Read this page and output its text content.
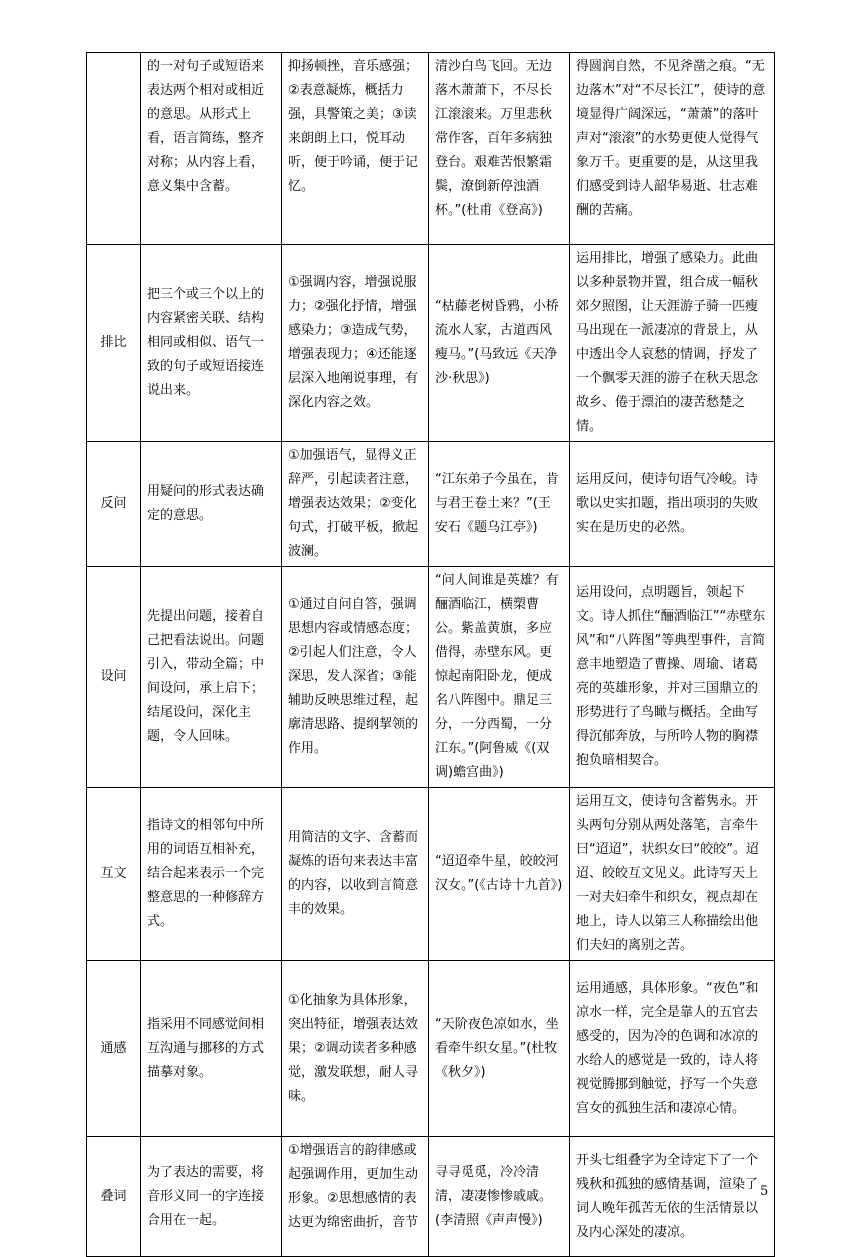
	的一对句子或短语来表达两个相对或相近的意思。从形式上看，语言简练，整齐对称；从内容上看，意义集中含蓄。	抑扬顿挫，音乐感强；②表意凝炼，概括力强，具警策之美；③读来朗朗上口，悦耳动听，便于吟诵，便于记忆。	清沙白鸟飞回。无边落木萧萧下，不尽长江滚滚来。万里悲秋常作客，百年多病独登台。艰难苦恨繁霜鬓，潦倒新停浊酒杯。”(杜甫《登高》)	得圆润自然，不见斧凿之痕。“无边落木”对“不尽长江”，使诗的意境显得广阔深远，“萧萧”的落叶声对“滚滚”的水势更使人觉得气象万千。更重要的是，从这里我们感受到诗人韶华易逝、壮志难酬的苦痛。
排比	把三个或三个以上的内容紧密关联、结构相同或相似、语气一致的句子或短语接连说出来。	①强调内容，增强说服力；②强化抒情，增强感染力；③造成气势，增强表现力；④还能逐层深入地阐说事理，有深化内容之效。	“枯藤老树昏鸦，小桥流水人家，古道西风瘦马。”(马致远《天净沙·秋思》)	运用排比，增强了感染力。此曲以多种景物并置，组合成一幅秋郊夕照图，让天涯游子骑一匹瘦马出现在一派凄凉的背景上，从中透出令人哀愁的情调，抒发了一个飘零天涯的游子在秋天思念故乡、倦于漂泊的凄苦愁楚之情。
反问	用疑问的形式表达确定的意思。	①加强语气，显得义正辞严，引起读者注意，增强表达效果；②变化句式，打破平板，掀起波澜。	“江东弟子今虽在，肯与君王卷土来？”(王安石《题乌江亭》)	运用反问，使诗句语气冷峻。诗歌以史实扣题，指出项羽的失败实在是历史的必然。
设问	先提出问题，接着自己把看法说出。问题引入，带动全篇；中间设问，承上启下；结尾设问，深化主题，令人回味。	①通过自问自答，强调思想内容或情感态度；②引起人们注意，令人深思，发人深省；③能辅助反映思维过程，起廓清思路、提纲挈领的作用。	“问人间谁是英雄？有酾酒临江，横槊曹公。紫盖黄旗，多应借得，赤壁东风。更惊起南阳卧龙，便成名八阵图中。鼎足三分，一分西蜀，一分江东。”(阿鲁威《(双调)蟾宫曲》)	运用设问，点明题旨，领起下文。诗人抓住“酾酒临江”“赤壁东风”和“八阵图”等典型事件，言简意丰地塑造了曹操、周瑜、诸葛亮的英雄形象，并对三国鼎立的形势进行了鸟瞰与概括。全曲写得沉郁奔放，与所吟人物的胸襟抱负暗相契合。
互文	指诗文的相邻句中所用的词语互相补充，结合起来表示一个完整意思的一种修辞方式。	用简洁的文字、含蓄而凝炼的语句来表达丰富的内容，以收到言简意丰的效果。	“迢迢牵牛星，皎皎河汉女。”(《古诗十九首》)	运用互文，使诗句含蓄隽永。开头两句分别从两处落笔，言牵牛曰“迢迢”，状织女曰“皎皎”。迢迢、皎皎互文见义。此诗写天上一对夫妇牵牛和织女，视点却在地上，诗人以第三人称描绘出他们夫妇的离别之苦。
通感	指采用不同感觉间相互沟通与挪移的方式描摹对象。	①化抽象为具体形象，突出特征，增强表达效果；②调动读者多种感觉，激发联想，耐人寻味。	“天阶夜色凉如水，坐看牵牛织女星。”(杜牧《秋夕》)	运用通感，具体形象。“夜色”和凉水一样，完全是靠人的五官去感受的，因为冷的色调和冰凉的水给人的感觉是一致的，诗人将视觉腾挪到触觉，抒写一个失意宫女的孤独生活和凄凉心情。
叠词	为了表达的需要，将音形义同一的字连接合用在一起。	①增强语言的韵律感或起强调作用，更加生动形象。②思想感情的表达更为绵密曲折，音节	寻寻觅觅，冷冷清清，凄凄惨惨戚戚。(李清照《声声慢》)	开头七组叠字为全诗定下了一个残秋和孤独的感情基调，渲染了词人晚年孤苦无依的生活情景以及内心深处的凄凉。
5
